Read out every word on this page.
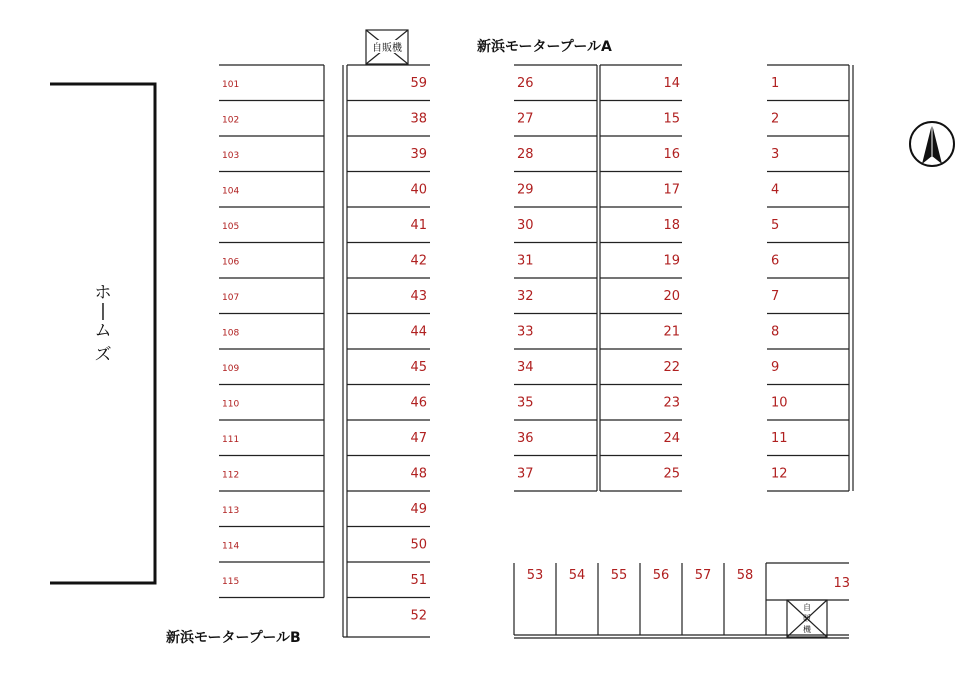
ホ
|
ム
ズ
新浜モータープールA
新浜モータープールB
自販機
自
販
機
101
102
103
104
105
106
107
108
109
110
111
112
113
114
115
59
38
39
40
41
42
43
44
45
46
47
48
49
50
51
52
26
27
28
29
30
31
32
33
34
35
36
37
14
15
16
17
18
19
20
21
22
23
24
25
1
2
3
4
5
6
7
8
9
10
11
12
53 54 55 56 57 58
13
